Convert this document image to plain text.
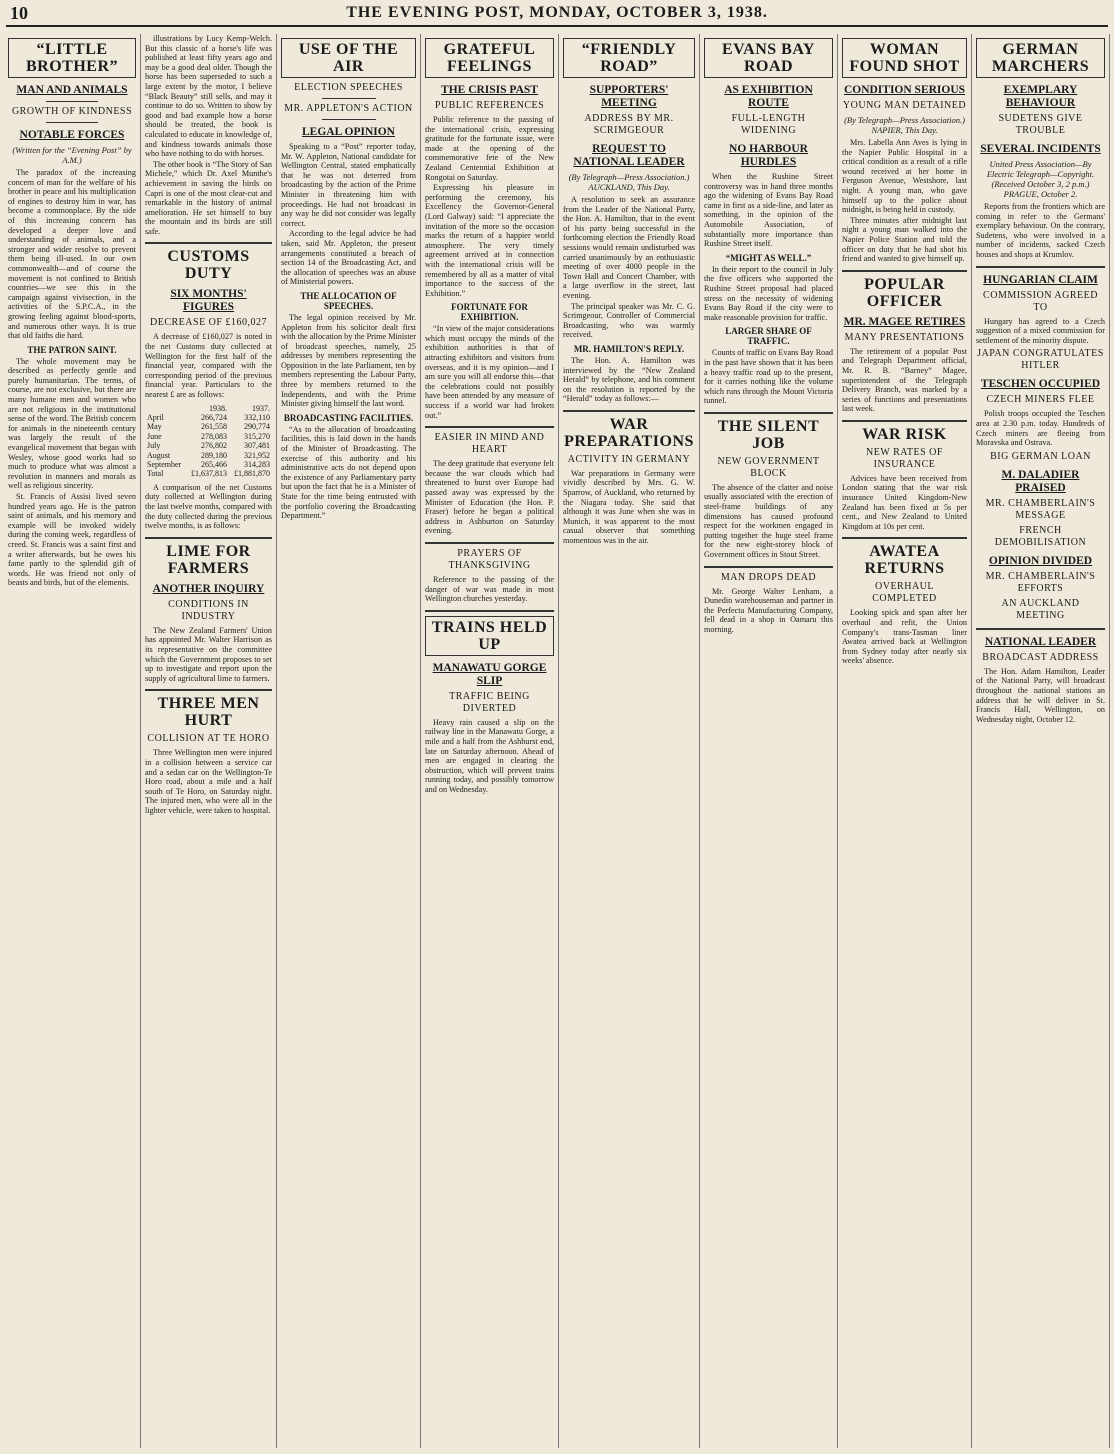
10	THE EVENING POST, MONDAY, OCTOBER 3, 1938.
“LITTLE BROTHER”
MAN AND ANIMALS
GROWTH OF KINDNESS
NOTABLE FORCES
(Written for the “Evening Post” by A.M.)

The paradox of the increasing concern of man for the welfare of his brother in peace and his multiplication of engines to destroy him in war, has become a commonplace. By the side of this increasing concern has developed a deeper love and understanding of animals, and a stronger and wider resolve to prevent them being ill-used. In our own commonwealth—and of course the movement is not confined to British countries—we see this in the campaign against vivisection, in the activities of the S.P.C.A., in the growing feeling against blood-sports, and numerous other ways. It is true that old faiths die hard.

THE PATRON SAINT.

The whole movement may be described as perfectly gentle and purely humanitarian. The terms, of course, are not exclusive, but there are many humane men and women who are not religious in the institutional sense of the word. The British concern for animals in the nineteenth century was largely the result of the evangelical movement that began with Wesley, whose good works had so much to produce what was almost a revolution in manners and morals as well as religious sincerity.

St. Francis of Assisi lived seven hundred years ago. He is the patron saint of animals, and his memory and example will be invoked widely during the coming week, regardless of creed. St. Francis was a saint first and a writer afterwards, but he owes his fame partly to the splendid gift of words. He was friend not only of beasts and birds, but of the elements.

illustrations by Lucy Kemp-Welch. But this classic of a horse's life was published at least fifty years ago and may be a good deal older. Though the horse has been superseded to such a large extent by the motor, I believe “Black Beauty” still sells, and may it continue to do so. Written to show by good and bad example how a horse should be treated, the book is calculated to educate in knowledge of, and kindness towards animals those who have nothing to do with horses.

The other book is “The Story of San Michele,” which Dr. Axel Munthe's achievement in saving the birds on Capri is one of the most clear-cut and remarkable in the history of animal amelioration. He set himself to buy the mountain and its birds are still safe.

CUSTOMS DUTY
SIX MONTHS' FIGURES
DECREASE OF £160,027

A decrease of £160,027 is noted in the net Customs duty collected at Wellington for the first half of the financial year, compared with the corresponding period of the previous financial year. Particulars to the nearest £ are as follows:

	1938.	1937.
April	266,724	332,110
May	261,558	290,774
June	278,083	315,270
July	276,802	307,481
August	289,180	321,952
September	265,466	314,283
Total	£1,637,813	£1,881,870

A comparison of the net Customs duty collected at Wellington during the last twelve months, compared with the duty collected during the previous twelve months, is as follows:

LIME FOR FARMERS
ANOTHER INQUIRY
CONDITIONS IN INDUSTRY

The New Zealand Farmers' Union has appointed Mr. Walter Harrison as its representative on the committee which the Government proposes to set up to investigate and report upon the supply of agricultural lime to farmers.

THREE MEN HURT
COLLISION AT TE HORO

Three Wellington men were injured in a collision between a service car and a sedan car on the Wellington-Te Horo road, about a mile and a half south of Te Horo, on Saturday night. The injured men, who were all in the lighter vehicle, were taken to hospital.

USE OF THE AIR
ELECTION SPEECHES
MR. APPLETON'S ACTION
LEGAL OPINION

Speaking to a “Post” reporter today, Mr. W. Appleton, National candidate for Wellington Central, stated emphatically that he was not deterred from broadcasting by the action of the Prime Minister in threatening him with proceedings. He had not broadcast in any way he did not consider was legally correct.

According to the legal advice he had taken, said Mr. Appleton, the present arrangements constituted a breach of section 14 of the Broadcasting Act, and the allocation of speeches was an abuse of Ministerial powers.

THE ALLOCATION OF SPEECHES.

The legal opinion received by Mr. Appleton from his solicitor dealt first with the allocation by the Prime Minister of broadcast speeches, namely, 25 addresses by members representing the Opposition in the late Parliament, ten by members representing the Labour Party, three by members returned to the Independents, and with the Prime Minister giving himself the last word.

BROADCASTING FACILITIES.

“As to the allocation of broadcasting facilities, this is laid down in the hands of the Minister of Broadcasting. The exercise of this authority and his administrative acts do not depend upon the existence of any Parliamentary party but upon the fact that he is a Minister of State for the time being entrusted with the portfolio covering the Broadcasting Department.”

GRATEFUL FEELINGS
THE CRISIS PAST
PUBLIC REFERENCES

Public reference to the passing of the international crisis, expressing gratitude for the fortunate issue, were made at the opening of the commemorative fete of the New Zealand Centennial Exhibition at Rongotai on Saturday.

Expressing his pleasure in performing the ceremony, his Excellency the Governor-General (Lord Galway) said: “I appreciate the invitation of the more so the occasion marks the return of a happier world atmosphere. The very timely agreement arrived at in connection with the international crisis will be remembered by all as a matter of vital importance to the success of the Exhibition.”

FORTUNATE FOR EXHIBITION.

“In view of the major considerations which must occupy the minds of the exhibition authorities is that of attracting exhibitors and visitors from overseas, and it is my opinion—and I am sure you will all endorse this—that the celebrations could not possibly have been attended by any measure of success if a world war had broken out.”

EASIER IN MIND AND HEART

The deep gratitude that everyone felt because the war clouds which had threatened to burst over Europe had passed away was expressed by the Minister of Education (the Hon. P. Fraser) before he began a political address in Ashburton on Saturday evening.

PRAYERS OF THANKSGIVING

Reference to the passing of the danger of war was made in most Wellington churches yesterday.

TRAINS HELD UP
MANAWATU GORGE SLIP
TRAFFIC BEING DIVERTED

Heavy rain caused a slip on the railway line in the Manawatu Gorge, a mile and a half from the Ashhurst end, late on Saturday afternoon. Ahead of men are engaged in clearing the obstruction, which will prevent trains running today, and possibly tomorrow and on Wednesday.

“FRIENDLY ROAD”
SUPPORTERS' MEETING
ADDRESS BY MR. SCRIMGEOUR
REQUEST TO NATIONAL LEADER
(By Telegraph—Press Association.) AUCKLAND, This Day.

A resolution to seek an assurance from the Leader of the National Party, the Hon. A. Hamilton, that in the event of his party being successful in the forthcoming election the Friendly Road sessions would remain undisturbed was carried unanimously by an enthusiastic meeting of over 4000 people in the Town Hall and Concert Chamber, with a large overflow in the street, last evening.

The principal speaker was Mr. C. G. Scrimgeour, Controller of Commercial Broadcasting, who was warmly received.

MR. HAMILTON'S REPLY.

The Hon. A. Hamilton was interviewed by the “New Zealand Herald” by telephone, and his comment on the resolution is reported by the “Herald” today as follows:—

WAR PREPARATIONS
ACTIVITY IN GERMANY

War preparations in Germany were vividly described by Mrs. G. W. Sparrow, of Auckland, who returned by the Niagara today. She said that although it was June when she was in Munich, it was apparent to the most casual observer that something momentous was in the air.

EVANS BAY ROAD
AS EXHIBITION ROUTE
FULL-LENGTH WIDENING
NO HARBOUR HURDLES

When the Rushine Street controversy was in hand three months ago the widening of Evans Bay Road came in first as a side-line, and later as something, in the opinion of the Automobile Association, of substantially more importance than Rushine Street itself.

“MIGHT AS WELL.”

In their report to the council in July the five officers who supported the Rushine Street proposal had placed stress on the necessity of widening Evans Bay Road if the city were to make reasonable provision for traffic.

LARGER SHARE OF TRAFFIC.

Counts of traffic on Evans Bay Road in the past have shown that it has been a heavy traffic road up to the present, for it carries nothing like the volume which runs through the Mount Victoria tunnel.

THE SILENT JOB
NEW GOVERNMENT BLOCK

The absence of the clatter and noise usually associated with the erection of steel-frame buildings of any dimensions has caused profound respect for the workmen engaged in putting together the huge steel frame for the new eight-storey block of Government offices in Stout Street.

MAN DROPS DEAD

Mr. George Walter Lenham, a Dunedin warehouseman and partner in the Perfecta Manufacturing Company, fell dead in a shop in Oamaru this morning.

WOMAN FOUND SHOT
CONDITION SERIOUS
YOUNG MAN DETAINED
(By Telegraph—Press Association.) NAPIER, This Day.

Mrs. Labella Ann Aves is lying in the Napier Public Hospital in a critical condition as a result of a rifle wound received at her home in Ferguson Avenue, Westshore, last night. A young man, who gave himself up to the police about midnight, is being held in custody.

Three minutes after midnight last night a young man walked into the Napier Police Station and told the officer on duty that he had shot his friend and wanted to give himself up.

POPULAR OFFICER
MR. MAGEE RETIRES
MANY PRESENTATIONS

The retirement of a popular Post and Telegraph Department official, Mr. R. B. “Barney” Magee, superintendent of the Telegraph Delivery Branch, was marked by a series of functions and presentations last week.

WAR RISK
NEW RATES OF INSURANCE

Advices have been received from London stating that the war risk insurance United Kingdom-New Zealand has been fixed at 5s per cent., and New Zealand to United Kingdom at 10s per cent.

AWATEA RETURNS
OVERHAUL COMPLETED

Looking spick and span after her overhaul and refit, the Union Company's trans-Tasman liner Awatea arrived back at Wellington from Sydney today after nearly six weeks' absence.

GERMAN MARCHERS
EXEMPLARY BEHAVIOUR
SUDETENS GIVE TROUBLE
SEVERAL INCIDENTS
United Press Association—By Electric Telegraph—Copyright. (Received October 3, 2 p.m.) PRAGUE, October 2.

Reports from the frontiers which are coming in refer to the Germans' exemplary behaviour. On the contrary, Sudetens, who were involved in a number of incidents, sacked Czech houses and shops at Krumlov.

HUNGARIAN CLAIM
COMMISSION AGREED TO

Hungary has agreed to a Czech suggestion of a mixed commission for settlement of the minority dispute.

JAPAN CONGRATULATES HITLER
TESCHEN OCCUPIED
CZECH MINERS FLEE

Polish troops occupied the Teschen area at 2.30 p.m. today. Hundreds of Czech miners are fleeing from Moravska and Ostrava.

BIG GERMAN LOAN
M. DALADIER PRAISED
MR. CHAMBERLAIN'S MESSAGE
FRENCH DEMOBILISATION
OPINION DIVIDED
MR. CHAMBERLAIN'S EFFORTS
AN AUCKLAND MEETING
NATIONAL LEADER
BROADCAST ADDRESS

The Hon. Adam Hamilton, Leader of the National Party, will broadcast throughout the national stations an address that he will deliver in St. Francis Hall, Wellington, on Wednesday night, October 12.
